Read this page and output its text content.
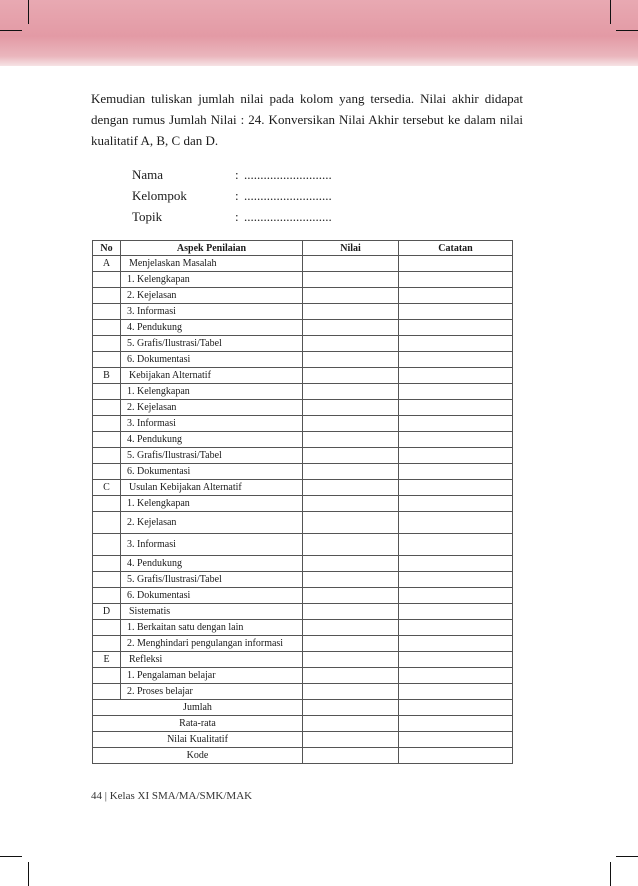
Kemudian tuliskan jumlah nilai pada kolom yang tersedia. Nilai akhir didapat dengan rumus Jumlah Nilai : 24. Konversikan Nilai Akhir tersebut ke dalam nilai kualitatif A, B, C dan D.
Nama	: ...........................
Kelompok	: ...........................
Topik	: ...........................
No	Aspek Penilaian	Nilai	Catatan
A	Menjelaskan Masalah		
	1. Kelengkapan		
	2. Kejelasan		
	3. Informasi		
	4. Pendukung		
	5. Grafis/Ilustrasi/Tabel		
	6. Dokumentasi		
B	Kebijakan Alternatif		
	1. Kelengkapan		
	2. Kejelasan		
	3. Informasi		
	4. Pendukung		
	5. Grafis/Ilustrasi/Tabel		
	6. Dokumentasi		
C	Usulan Kebijakan Alternatif		
	1. Kelengkapan		
	2. Kejelasan		
	3. Informasi		
	4. Pendukung		
	5. Grafis/Ilustrasi/Tabel		
	6. Dokumentasi		
D	Sistematis		
	1. Berkaitan satu dengan lain		
	2. Menghindari pengulangan informasi		
E	Refleksi		
	1. Pengalaman belajar		
	2. Proses belajar		
Jumlah			
Rata-rata			
Nilai Kualitatif			
Kode			
44 | Kelas XI SMA/MA/SMK/MAK
